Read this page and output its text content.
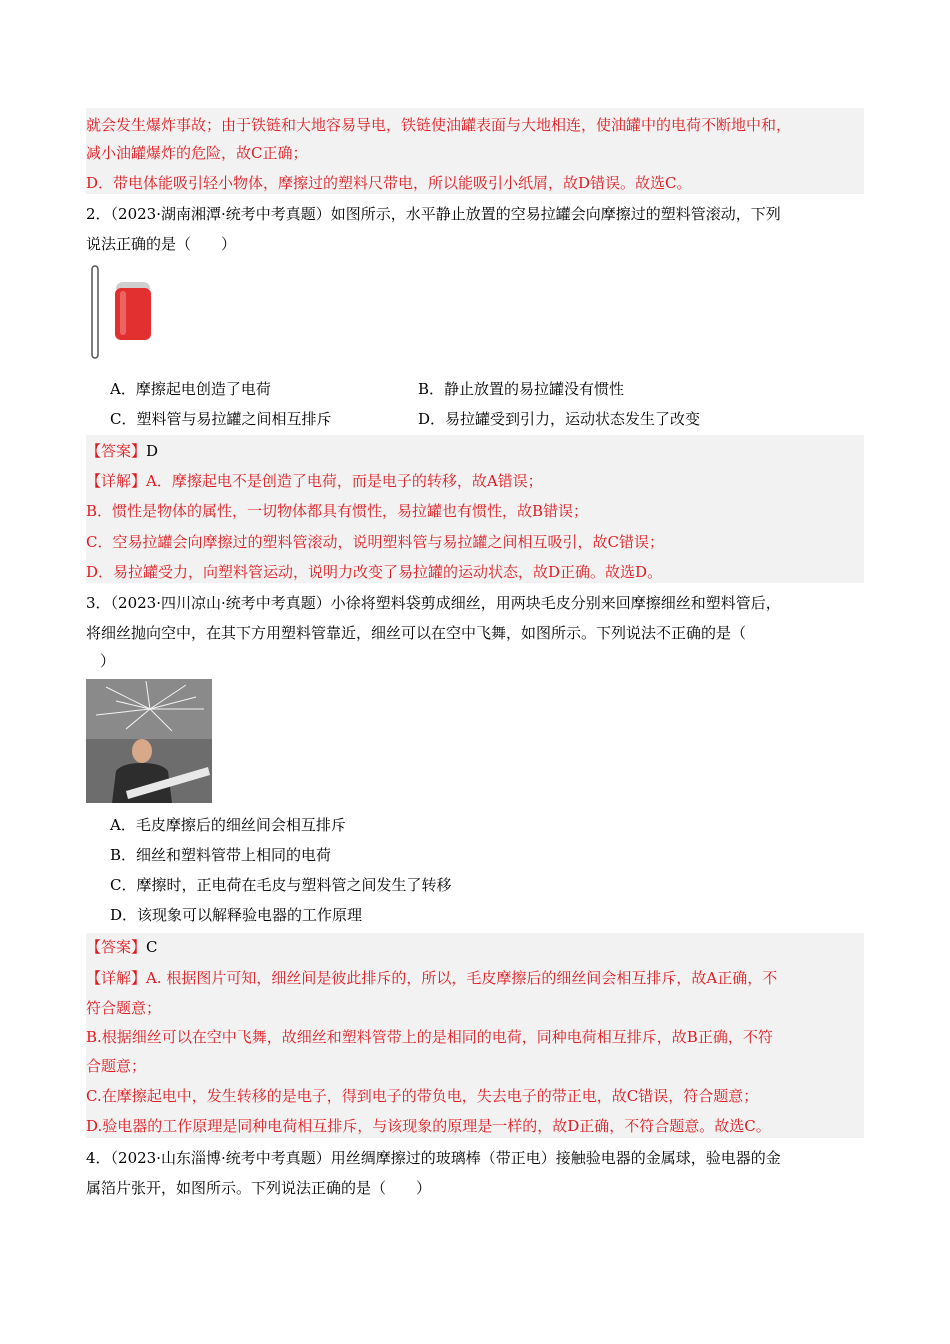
就会发生爆炸事故；由于铁链和大地容易导电，铁链使油罐表面与大地相连，使油罐中的电荷不断地中和，
减小油罐爆炸的危险，故C正确；
D．带电体能吸引轻小物体，摩擦过的塑料尺带电，所以能吸引小纸屑，故D错误。故选C。
2．（2023·湖南湘潭·统考中考真题）如图所示，水平静止放置的空易拉罐会向摩擦过的塑料管滚动，下列
说法正确的是（　　）
A．摩擦起电创造了电荷	B．静止放置的易拉罐没有惯性
C．塑料管与易拉罐之间相互排斥	D．易拉罐受到引力，运动状态发生了改变
【答案】D
【详解】A．摩擦起电不是创造了电荷，而是电子的转移，故A错误；
B．惯性是物体的属性，一切物体都具有惯性，易拉罐也有惯性，故B错误；
C．空易拉罐会向摩擦过的塑料管滚动，说明塑料管与易拉罐之间相互吸引，故C错误；
D．易拉罐受力，向塑料管运动，说明力改变了易拉罐的运动状态，故D正确。故选D。
3．（2023·四川凉山·统考中考真题）小徐将塑料袋剪成细丝，用两块毛皮分别来回摩擦细丝和塑料管后，
将细丝抛向空中，在其下方用塑料管靠近，细丝可以在空中飞舞，如图所示。下列说法不正确的是（
）
A．毛皮摩擦后的细丝间会相互排斥
B．细丝和塑料管带上相同的电荷
C．摩擦时，正电荷在毛皮与塑料管之间发生了转移
D．该现象可以解释验电器的工作原理
【答案】C
【详解】A. 根据图片可知，细丝间是彼此排斥的，所以，毛皮摩擦后的细丝间会相互排斥，故A正确，不
符合题意；
B.根据细丝可以在空中飞舞，故细丝和塑料管带上的是相同的电荷，同种电荷相互排斥，故B正确，不符
合题意；
C.在摩擦起电中，发生转移的是电子，得到电子的带负电，失去电子的带正电，故C错误，符合题意；
D.验电器的工作原理是同种电荷相互排斥，与该现象的原理是一样的，故D正确，不符合题意。故选C。
4．（2023·山东淄博·统考中考真题）用丝绸摩擦过的玻璃棒（带正电）接触验电器的金属球，验电器的金
属箔片张开，如图所示。下列说法正确的是（　　）
